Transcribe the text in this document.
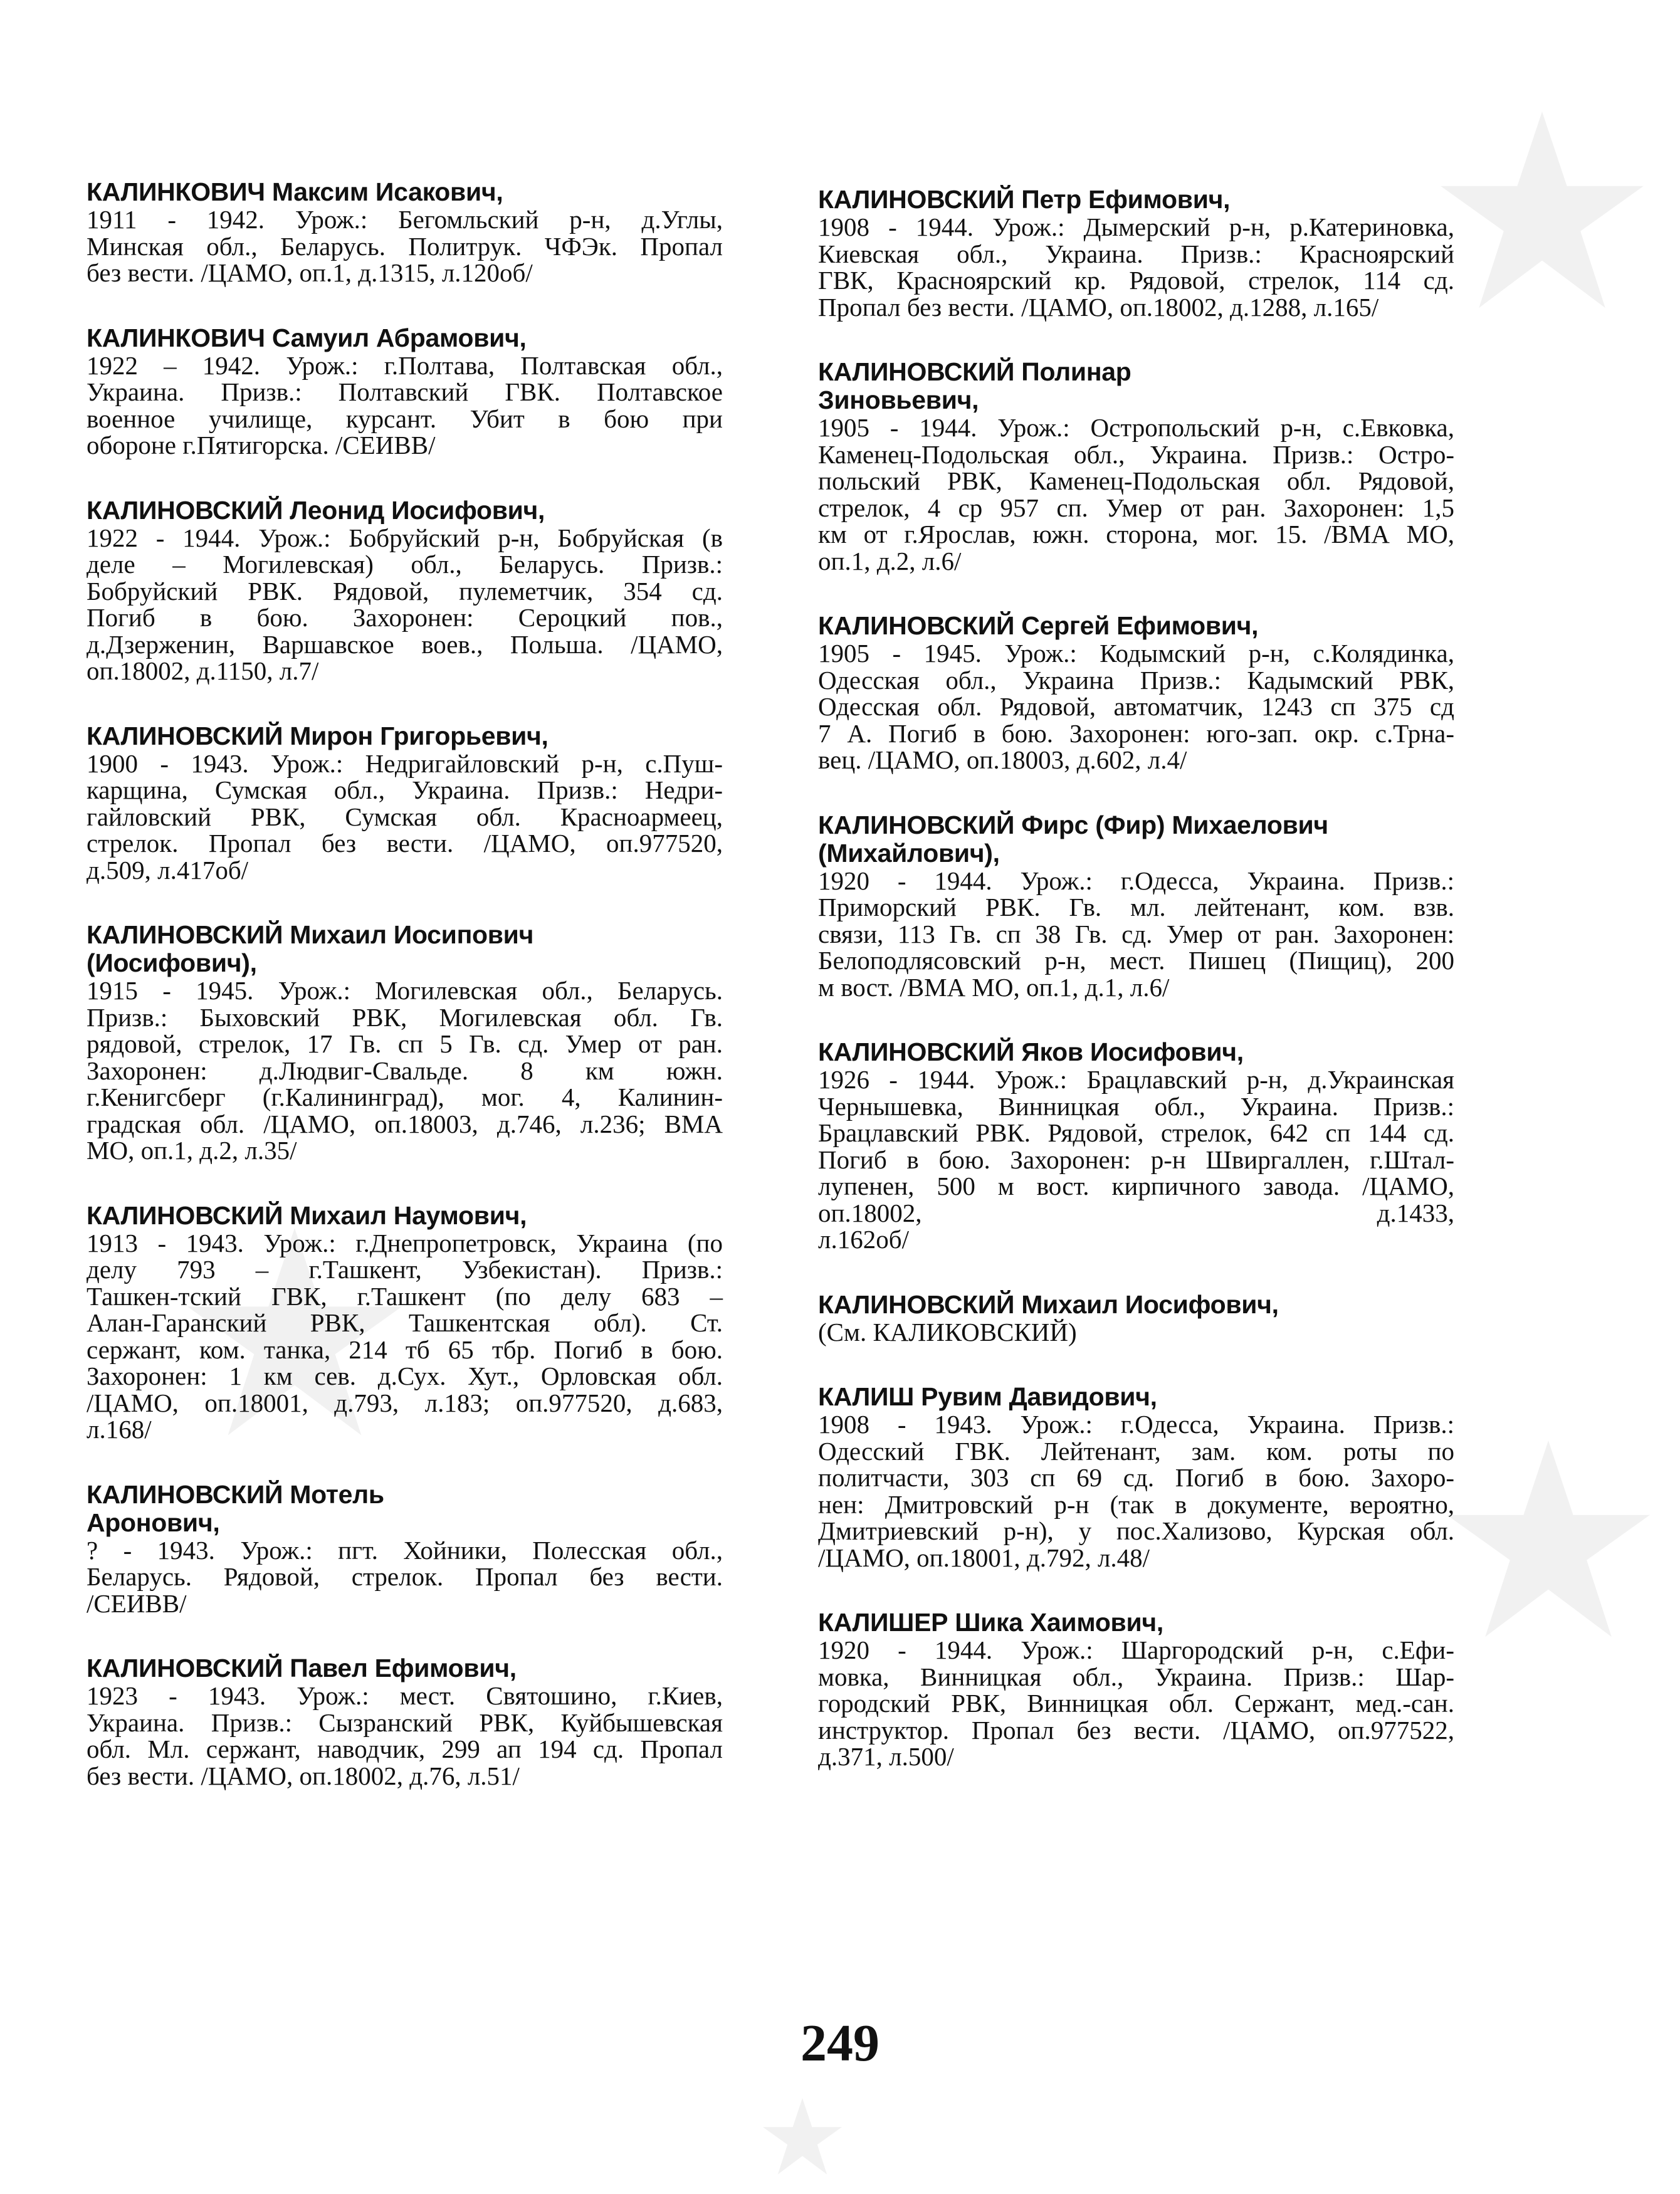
КАЛИНКОВИЧ Максим Исакович,
1911 - 1942. Урож.: Бегомльский р-н, д.Углы,
Минская обл., Беларусь. Политрук. ЧФЭк. Пропал
без вести. /ЦАМО, оп.1, д.1315, л.120об/
КАЛИНКОВИЧ Самуил Абрамович,
1922 – 1942. Урож.: г.Полтава, Полтавская обл.,
Украина. Призв.: Полтавский ГВК. Полтавское
военное училище, курсант. Убит в бою при
обороне г.Пятигорска. /СЕИВВ/
КАЛИНОВСКИЙ Леонид Иосифович,
1922 - 1944. Урож.: Бобруйский р-н, Бобруйская (в
деле – Могилевская) обл., Беларусь. Призв.:
Бобруйский РВК. Рядовой, пулеметчик, 354 сд.
Погиб в бою. Захоронен: Сероцкий пов.,
д.Дзерженин, Варшавское воев., Польша. /ЦАМО,
оп.18002, д.1150, л.7/
КАЛИНОВСКИЙ Мирон Григорьевич,
1900 - 1943. Урож.: Недригайловский р-н, с.Пуш-
карщина, Сумская обл., Украина. Призв.: Недри-
гайловский РВК, Сумская обл. Красноармеец,
стрелок. Пропал без вести. /ЦАМО, оп.977520,
д.509, л.417об/
КАЛИНОВСКИЙ Михаил Иосипович
(Иосифович),
1915 - 1945. Урож.: Могилевская обл., Беларусь.
Призв.: Быховский РВК, Могилевская обл. Гв.
рядовой, стрелок, 17 Гв. сп 5 Гв. сд. Умер от ран.
Захоронен: д.Людвиг-Свальде. 8 км южн.
г.Кенигсберг (г.Калининград), мог. 4, Калинин-
градская обл. /ЦАМО, оп.18003, д.746, л.236; ВМА
МО, оп.1, д.2, л.35/
КАЛИНОВСКИЙ Михаил Наумович,
1913 - 1943. Урож.: г.Днепропетровск, Украина (по
делу 793 – г.Ташкент, Узбекистан). Призв.:
Ташкен-тский ГВК, г.Ташкент (по делу 683 –
Алан-Гаранский РВК, Ташкентская обл). Ст.
сержант, ком. танка, 214 тб 65 тбр. Погиб в бою.
Захоронен: 1 км сев. д.Сух. Хут., Орловская обл.
/ЦАМО, оп.18001, д.793, л.183; оп.977520, д.683,
л.168/
КАЛИНОВСКИЙ Мотель
Аронович,
? - 1943. Урож.: пгт. Хойники, Полесская обл.,
Беларусь. Рядовой, стрелок. Пропал без вести.
/СЕИВВ/
КАЛИНОВСКИЙ Павел Ефимович,
1923 - 1943. Урож.: мест. Святошино, г.Киев,
Украина. Призв.: Сызранский РВК, Куйбышевская
обл. Мл. сержант, наводчик, 299 ап 194 сд. Пропал
без вести. /ЦАМО, оп.18002, д.76, л.51/
КАЛИНОВСКИЙ Петр Ефимович,
1908 - 1944. Урож.: Дымерский р-н, р.Катериновка,
Киевская обл., Украина. Призв.: Красноярский
ГВК, Красноярский кр. Рядовой, стрелок, 114 сд.
Пропал без вести. /ЦАМО, оп.18002, д.1288, л.165/
КАЛИНОВСКИЙ Полинар
Зиновьевич,
1905 - 1944. Урож.: Остропольский р-н, с.Евковка,
Каменец-Подольская обл., Украина. Призв.: Остро-
польский РВК, Каменец-Подольская обл. Рядовой,
стрелок, 4 ср 957 сп. Умер от ран. Захоронен: 1,5
км от г.Ярослав, южн. сторона, мог. 15. /ВМА МО,
оп.1, д.2, л.6/
КАЛИНОВСКИЙ Сергей Ефимович,
1905 - 1945. Урож.: Кодымский р-н, с.Колядинка,
Одесская обл., Украина Призв.: Кадымский РВК,
Одесская обл. Рядовой, автоматчик, 1243 сп 375 сд
7 А. Погиб в бою. Захоронен: юго-зап. окр. с.Трна-
вец. /ЦАМО, оп.18003, д.602, л.4/
КАЛИНОВСКИЙ Фирс (Фир) Михаелович
(Михайлович),
1920 - 1944. Урож.: г.Одесса, Украина. Призв.:
Приморский РВК. Гв. мл. лейтенант, ком. взв.
связи, 113 Гв. сп 38 Гв. сд. Умер от ран. Захоронен:
Белоподлясовский р-н, мест. Пишец (Пищиц), 200
м вост. /ВМА МО, оп.1, д.1, л.6/
КАЛИНОВСКИЙ Яков Иосифович,
1926 - 1944. Урож.: Брацлавский р-н, д.Украинская
Чернышевка, Винницкая обл., Украина. Призв.:
Брацлавский РВК. Рядовой, стрелок, 642 сп 144 сд.
Погиб в бою. Захоронен: р-н Швиргаллен, г.Штал-
лупенен, 500 м вост. кирпичного завода. /ЦАМО,
оп.18002, д.1433,
л.162об/
КАЛИНОВСКИЙ Михаил Иосифович,
(См. КАЛИКОВСКИЙ)
КАЛИШ Рувим Давидович,
1908 - 1943. Урож.: г.Одесса, Украина. Призв.:
Одесский ГВК. Лейтенант, зам. ком. роты по
политчасти, 303 сп 69 сд. Погиб в бою. Захоро-
нен: Дмитровский р-н (так в документе, вероятно,
Дмитриевский р-н), у пос.Хализово, Курская обл.
/ЦАМО, оп.18001, д.792, л.48/
КАЛИШЕР Шика Хаимович,
1920 - 1944. Урож.: Шаргородский р-н, с.Ефи-
мовка, Винницкая обл., Украина. Призв.: Шар-
городский РВК, Винницкая обл. Сержант, мед.-сан.
инструктор. Пропал без вести. /ЦАМО, оп.977522,
д.371, л.500/
249
